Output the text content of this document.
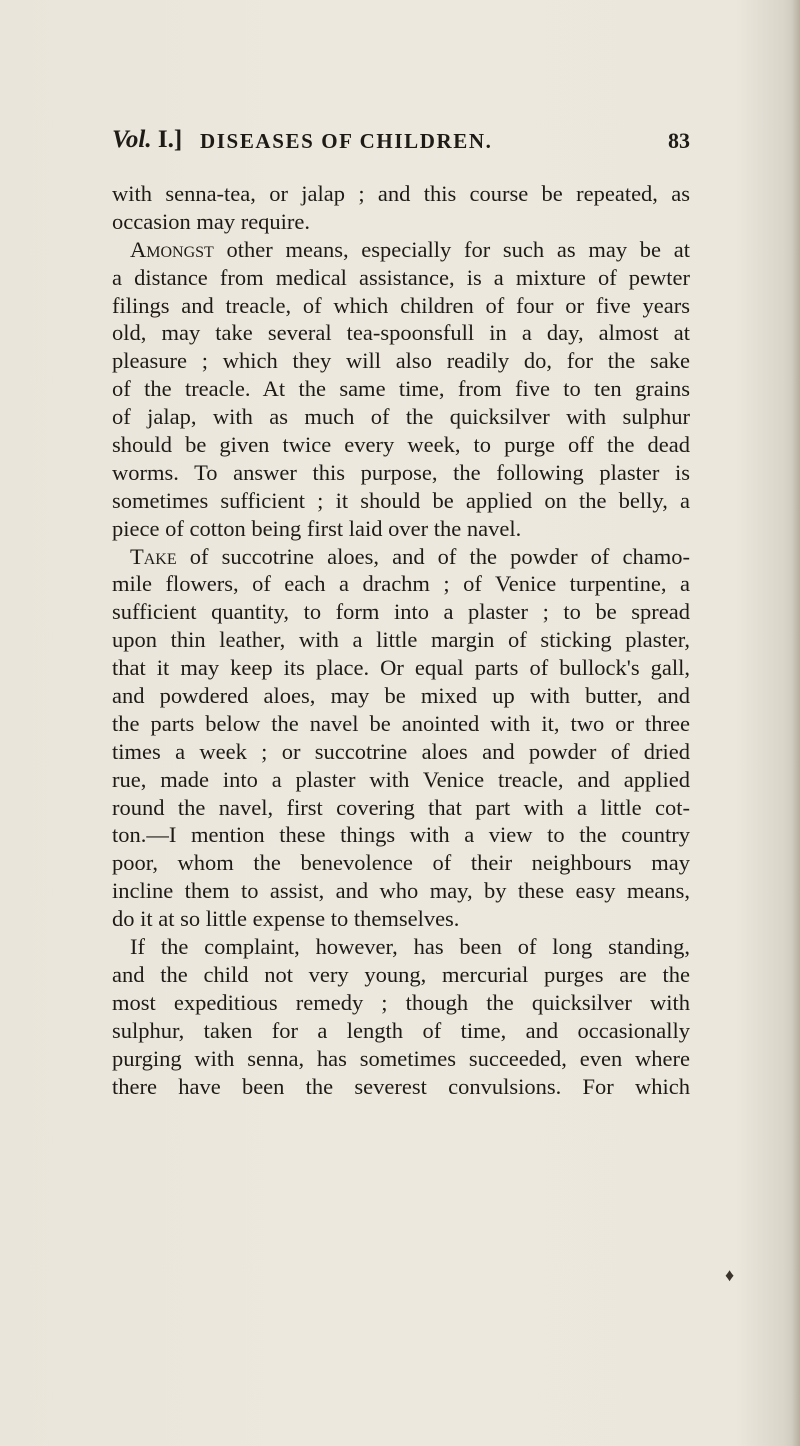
Vol. I.] DISEASES OF CHILDREN.	83
with senna-tea, or jalap ; and this course be repeated, as
occasion may require.
Amongst other means, especially for such as may be at
a distance from medical assistance, is a mixture of pewter
filings and treacle, of which children of four or five years
old, may take several tea-spoonsfull in a day, almost at
pleasure ; which they will also readily do, for the sake
of the treacle. At the same time, from five to ten grains
of jalap, with as much of the quicksilver with sulphur
should be given twice every week, to purge off the dead
worms. To answer this purpose, the following plaster is
sometimes sufficient ; it should be applied on the belly, a
piece of cotton being first laid over the navel.
Take of succotrine aloes, and of the powder of chamo-
mile flowers, of each a drachm ; of Venice turpentine, a
sufficient quantity, to form into a plaster ; to be spread
upon thin leather, with a little margin of sticking plaster,
that it may keep its place. Or equal parts of bullock's gall,
and powdered aloes, may be mixed up with butter, and
the parts below the navel be anointed with it, two or three
times a week ; or succotrine aloes and powder of dried
rue, made into a plaster with Venice treacle, and applied
round the navel, first covering that part with a little cot-
ton.—I mention these things with a view to the country
poor, whom the benevolence of their neighbours may
incline them to assist, and who may, by these easy means,
do it at so little expense to themselves.
If the complaint, however, has been of long standing,
and the child not very young, mercurial purges are the
most expeditious remedy ; though the quicksilver with
sulphur, taken for a length of time, and occasionally
purging with senna, has sometimes succeeded, even where
there have been the severest convulsions. For which
♦
